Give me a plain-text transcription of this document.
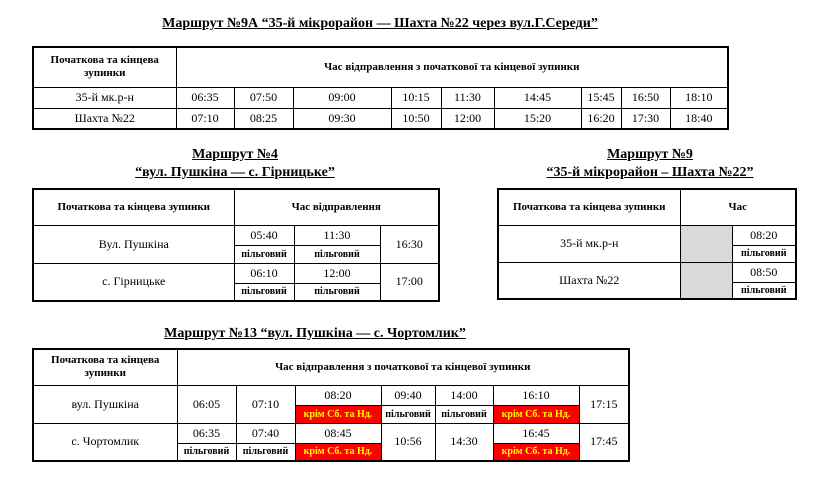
Маршрут №9А “35-й мікрорайон — Шахта №22 через вул.Г.Середи”
Початкова та кінцева зупинки	Час відправлення з початкової та кінцевої зупинки								
35-й мк.р-н	06:35	07:50	09:00	10:15	11:30	14:45	15:45	16:50	18:10
Шахта №22	07:10	08:25	09:30	10:50	12:00	15:20	16:20	17:30	18:40
Маршрут №4
“вул. Пушкіна — с. Гірницьке”
Початкова та кінцева зупинки	Час відправлення		
Вул. Пушкіна	05:40	11:30	16:30
	пільговий	пільговий	
с. Гірницьке	06:10	12:00	17:00
	пільговий	пільговий	
Маршрут №9
“35-й мікрорайон – Шахта №22”
Початкова та кінцева зупинки	Час	
35-й мк.р-н		08:20
		пільговий
Шахта №22		08:50
		пільговий
Маршрут №13 “вул. Пушкіна — с. Чортомлик”
Початкова та кінцева зупинки	Час відправлення з початкової та кінцевої зупинки						
вул. Пушкіна	06:05	07:10	08:20	09:40	14:00	16:10	17:15
			крім Сб. та Нд.	пільговий	пільговий	крім Сб. та Нд.	
с. Чортомлик	06:35	07:40	08:45	10:56	14:30	16:45	17:45
	пільговий	пільговий	крім Сб. та Нд.			крім Сб. та Нд.	
